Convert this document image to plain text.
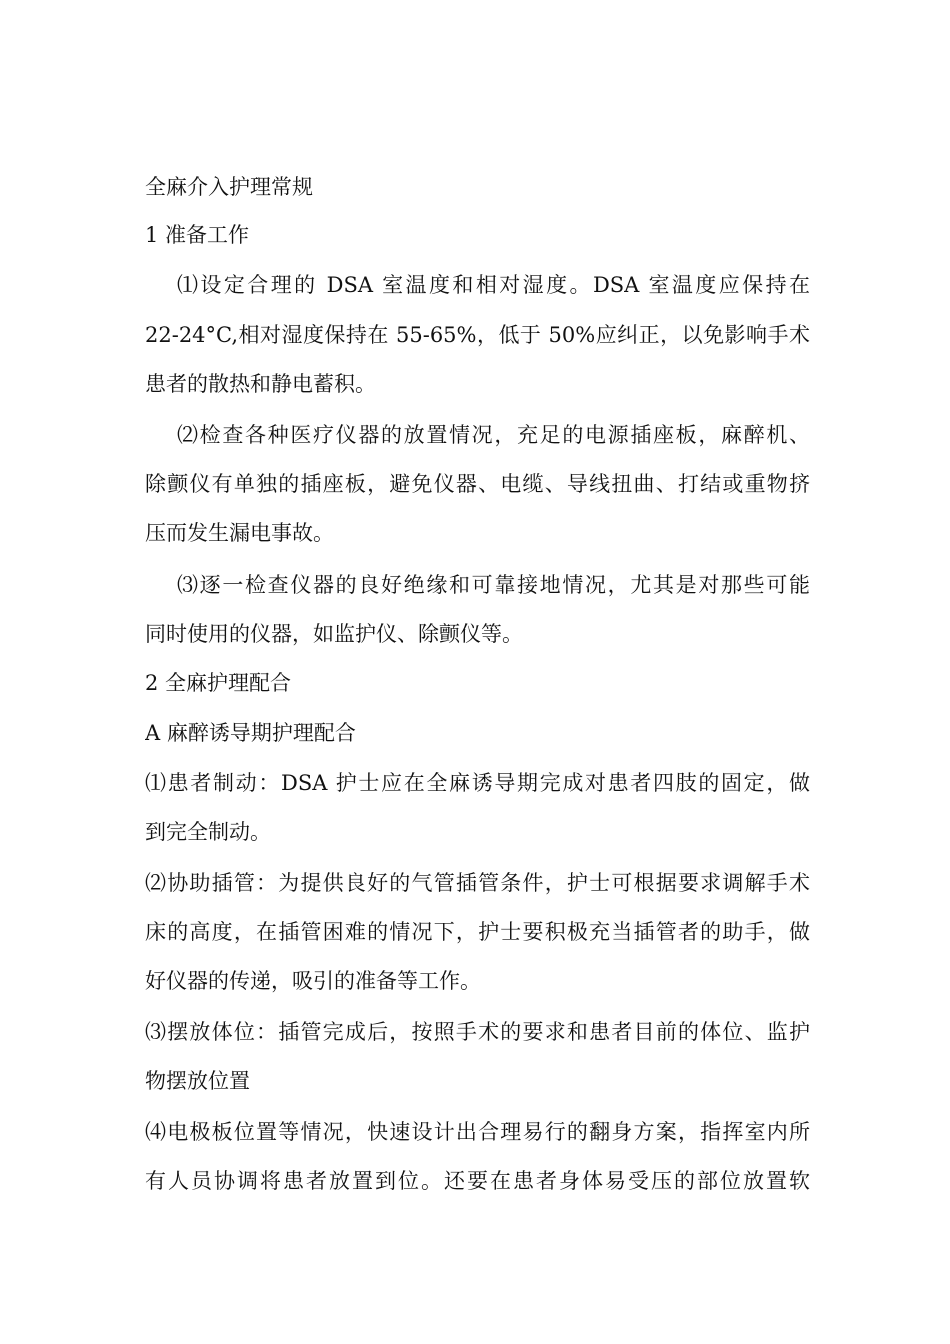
全麻介入护理常规
1 准备工作
⑴设定合理的 DSA 室温度和相对湿度。DSA 室温度应保持在
22-24°C,相对湿度保持在 55-65%，低于 50%应纠正，以免影响手术
患者的散热和静电蓄积。
⑵检查各种医疗仪器的放置情况，充足的电源插座板，麻醉机、
除颤仪有单独的插座板，避免仪器、电缆、导线扭曲、打结或重物挤
压而发生漏电事故。
⑶逐一检查仪器的良好绝缘和可靠接地情况，尤其是对那些可能
同时使用的仪器，如监护仪、除颤仪等。
2 全麻护理配合
A 麻醉诱导期护理配合
⑴患者制动：DSA 护士应在全麻诱导期完成对患者四肢的固定，做
到完全制动。
⑵协助插管：为提供良好的气管插管条件，护士可根据要求调解手术
床的高度，在插管困难的情况下，护士要积极充当插管者的助手，做
好仪器的传递，吸引的准备等工作。
⑶摆放体位：插管完成后，按照手术的要求和患者目前的体位、监护
物摆放位置
⑷电极板位置等情况，快速设计出合理易行的翻身方案，指挥室内所
有人员协调将患者放置到位。还要在患者身体易受压的部位放置软
